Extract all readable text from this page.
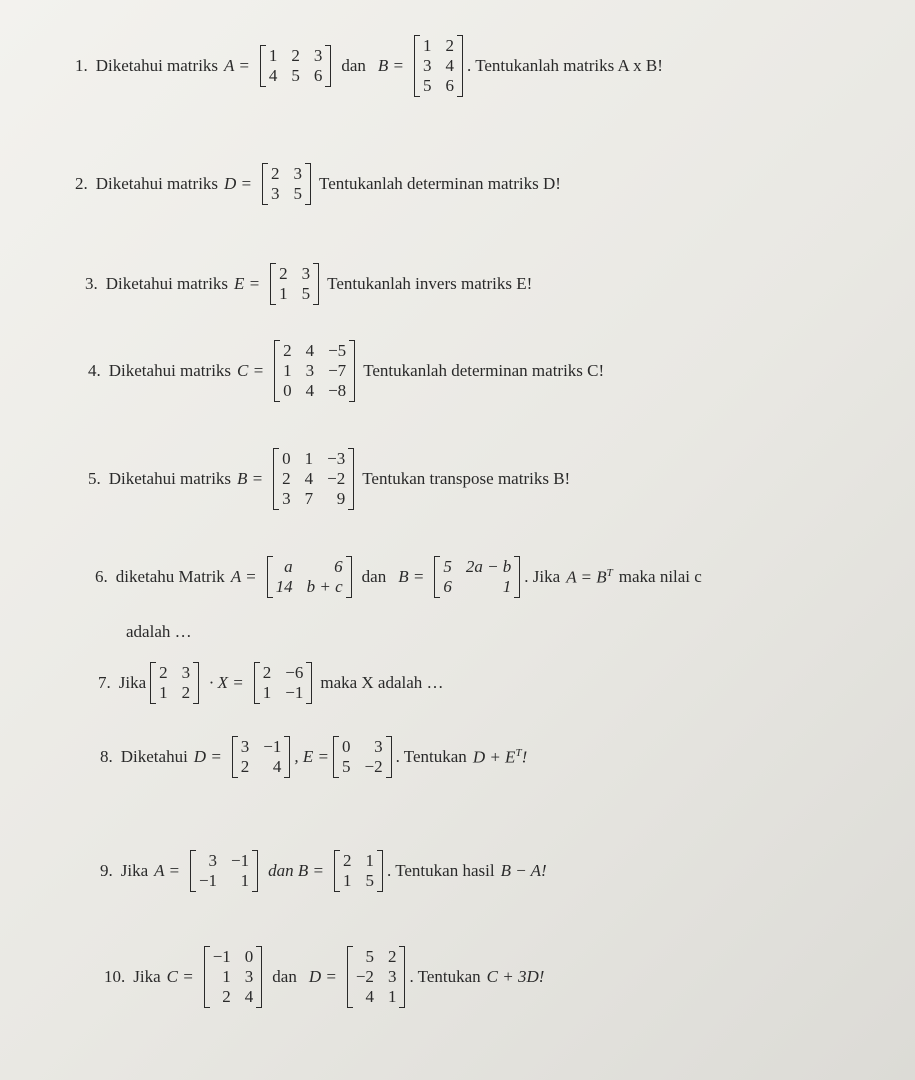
1. Diketahui matriks A =
1 2 3
4 5 6
dan B =
1 2
3 4
5 6
. Tentukanlah matriks A x B!
2. Diketahui matriks D =
2 3
3 5
Tentukanlah determinan matriks D!
3. Diketahui matriks E =
2 3
1 5
Tentukanlah invers matriks E!
4. Diketahui matriks C =
2 4 −5
1 3 −7
0 4 −8
Tentukanlah determinan matriks C!
5. Diketahui matriks B =
0 1 −3
2 4 −2
3 7	9
Tentukan transpose matriks B!
6. diketahu Matrik A =
a	6
14 b + c
dan B =
5 2a − b
6	1
. Jika $A = B^T$ maka nilai c
adalah …
7. Jika
2 3
1 2
· X =
2 −6
1 −1
maka X adalah …
8. Diketahui D =
3 −1
2	4
, E =
0	3
5 −2
. Tentukan $D + E^T$!
9. Jika A =
3 −1
−1	1
dan B =
2 1
1 5
. Tentukan hasil B − A!
10. Jika C =
−1 0
1 3
2 4
dan D =
5 2
−2 3
4 1
. Tentukan C + 3D!
